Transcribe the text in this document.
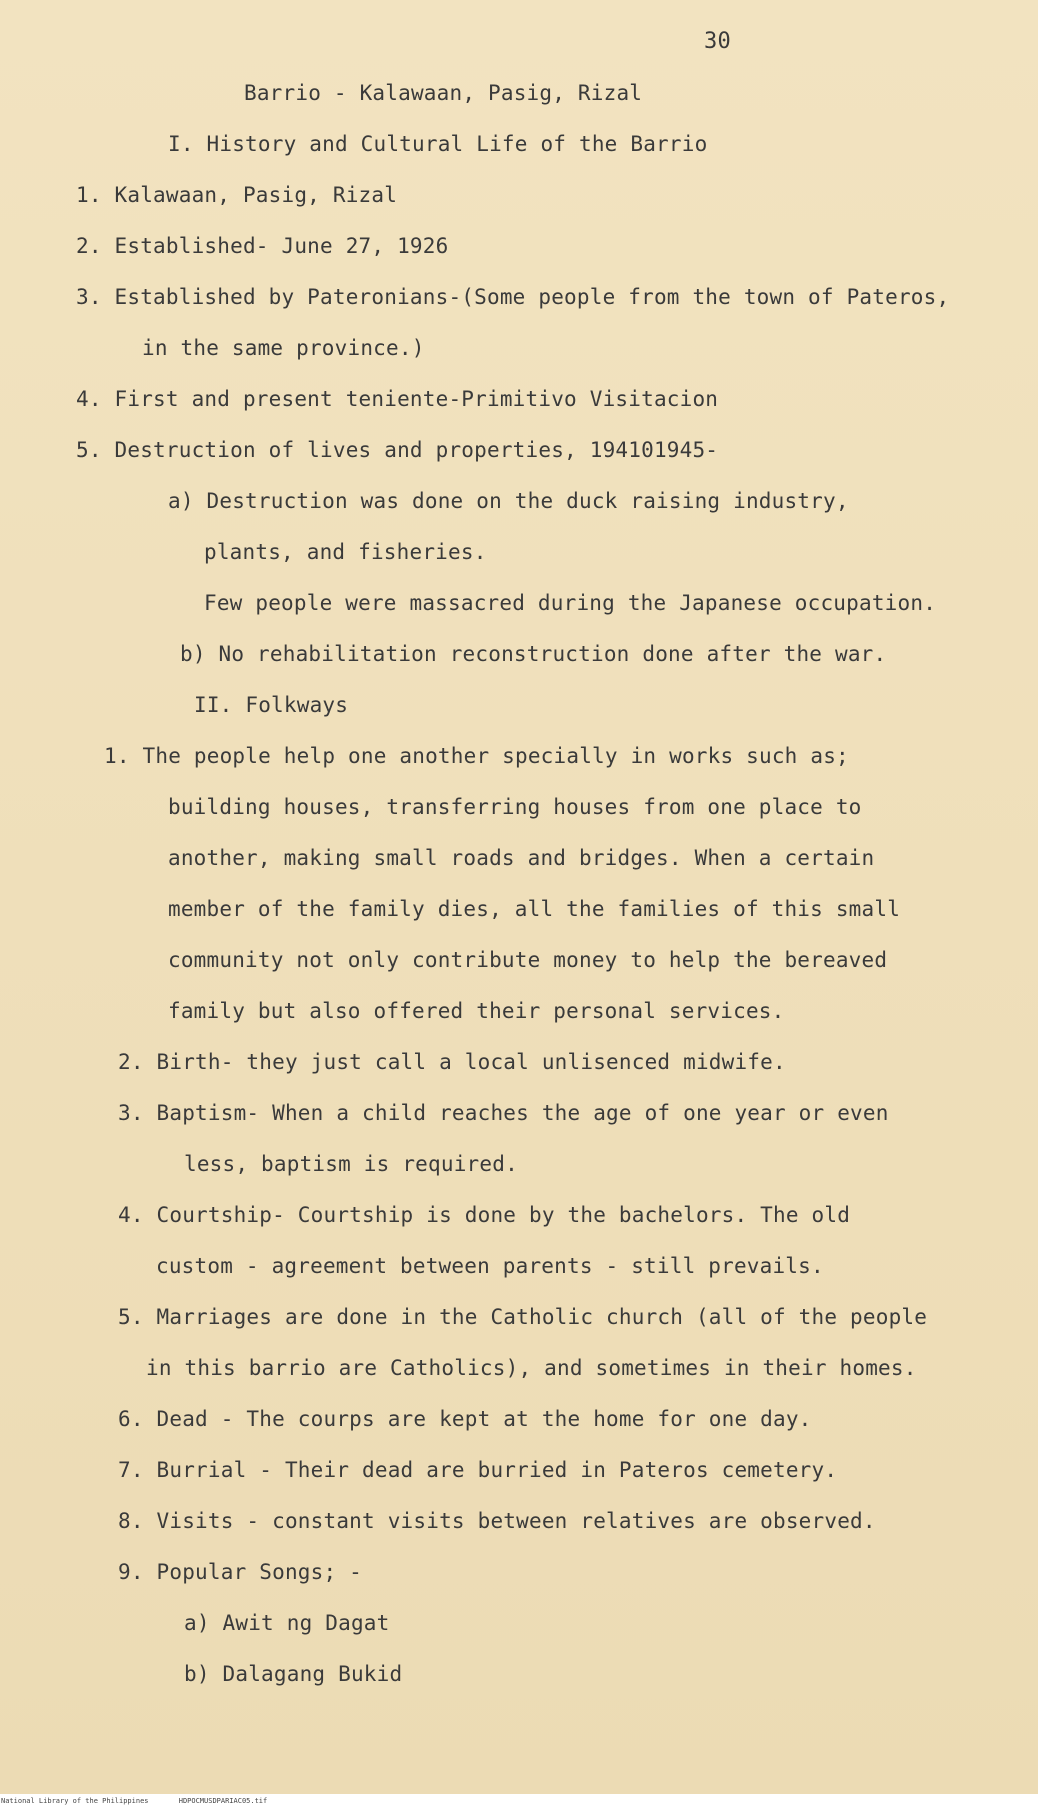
30
Barrio - Kalawaan, Pasig, Rizal
I. History and Cultural Life of the Barrio
1. Kalawaan, Pasig, Rizal
2. Established- June 27, 1926
3. Established by Pateronians-(Some people from the town of Pateros,
in the same province.)
4. First and present teniente-Primitivo Visitacion
5. Destruction of lives and properties, 194101945-
a) Destruction was done on the duck raising industry,
plants, and fisheries.
Few people were massacred during the Japanese occupation.
b) No rehabilitation reconstruction done after the war.
II. Folkways
1. The people help one another specially in works such as;
building houses, transferring houses from one place to
another, making small roads and bridges. When a certain
member of the family dies, all the families of this small
community not only contribute money to help the bereaved
family but also offered their personal services.
2. Birth- they just call a local unlisenced midwife.
3. Baptism- When a child reaches the age of one year or even
less, baptism is required.
4. Courtship- Courtship is done by the bachelors. The old
custom - agreement between parents - still prevails.
5. Marriages are done in the Catholic church (all of the people
in this barrio are Catholics), and sometimes in their homes.
6. Dead - The courps are kept at the home for one day.
7. Burrial - Their dead are burried in Pateros cemetery.
8. Visits - constant visits between relatives are observed.
9. Popular Songs; -
a) Awit ng Dagat
b) Dalagang Bukid
National Library of the Philippines	HDPOCMUSDPARIAC05.tif
